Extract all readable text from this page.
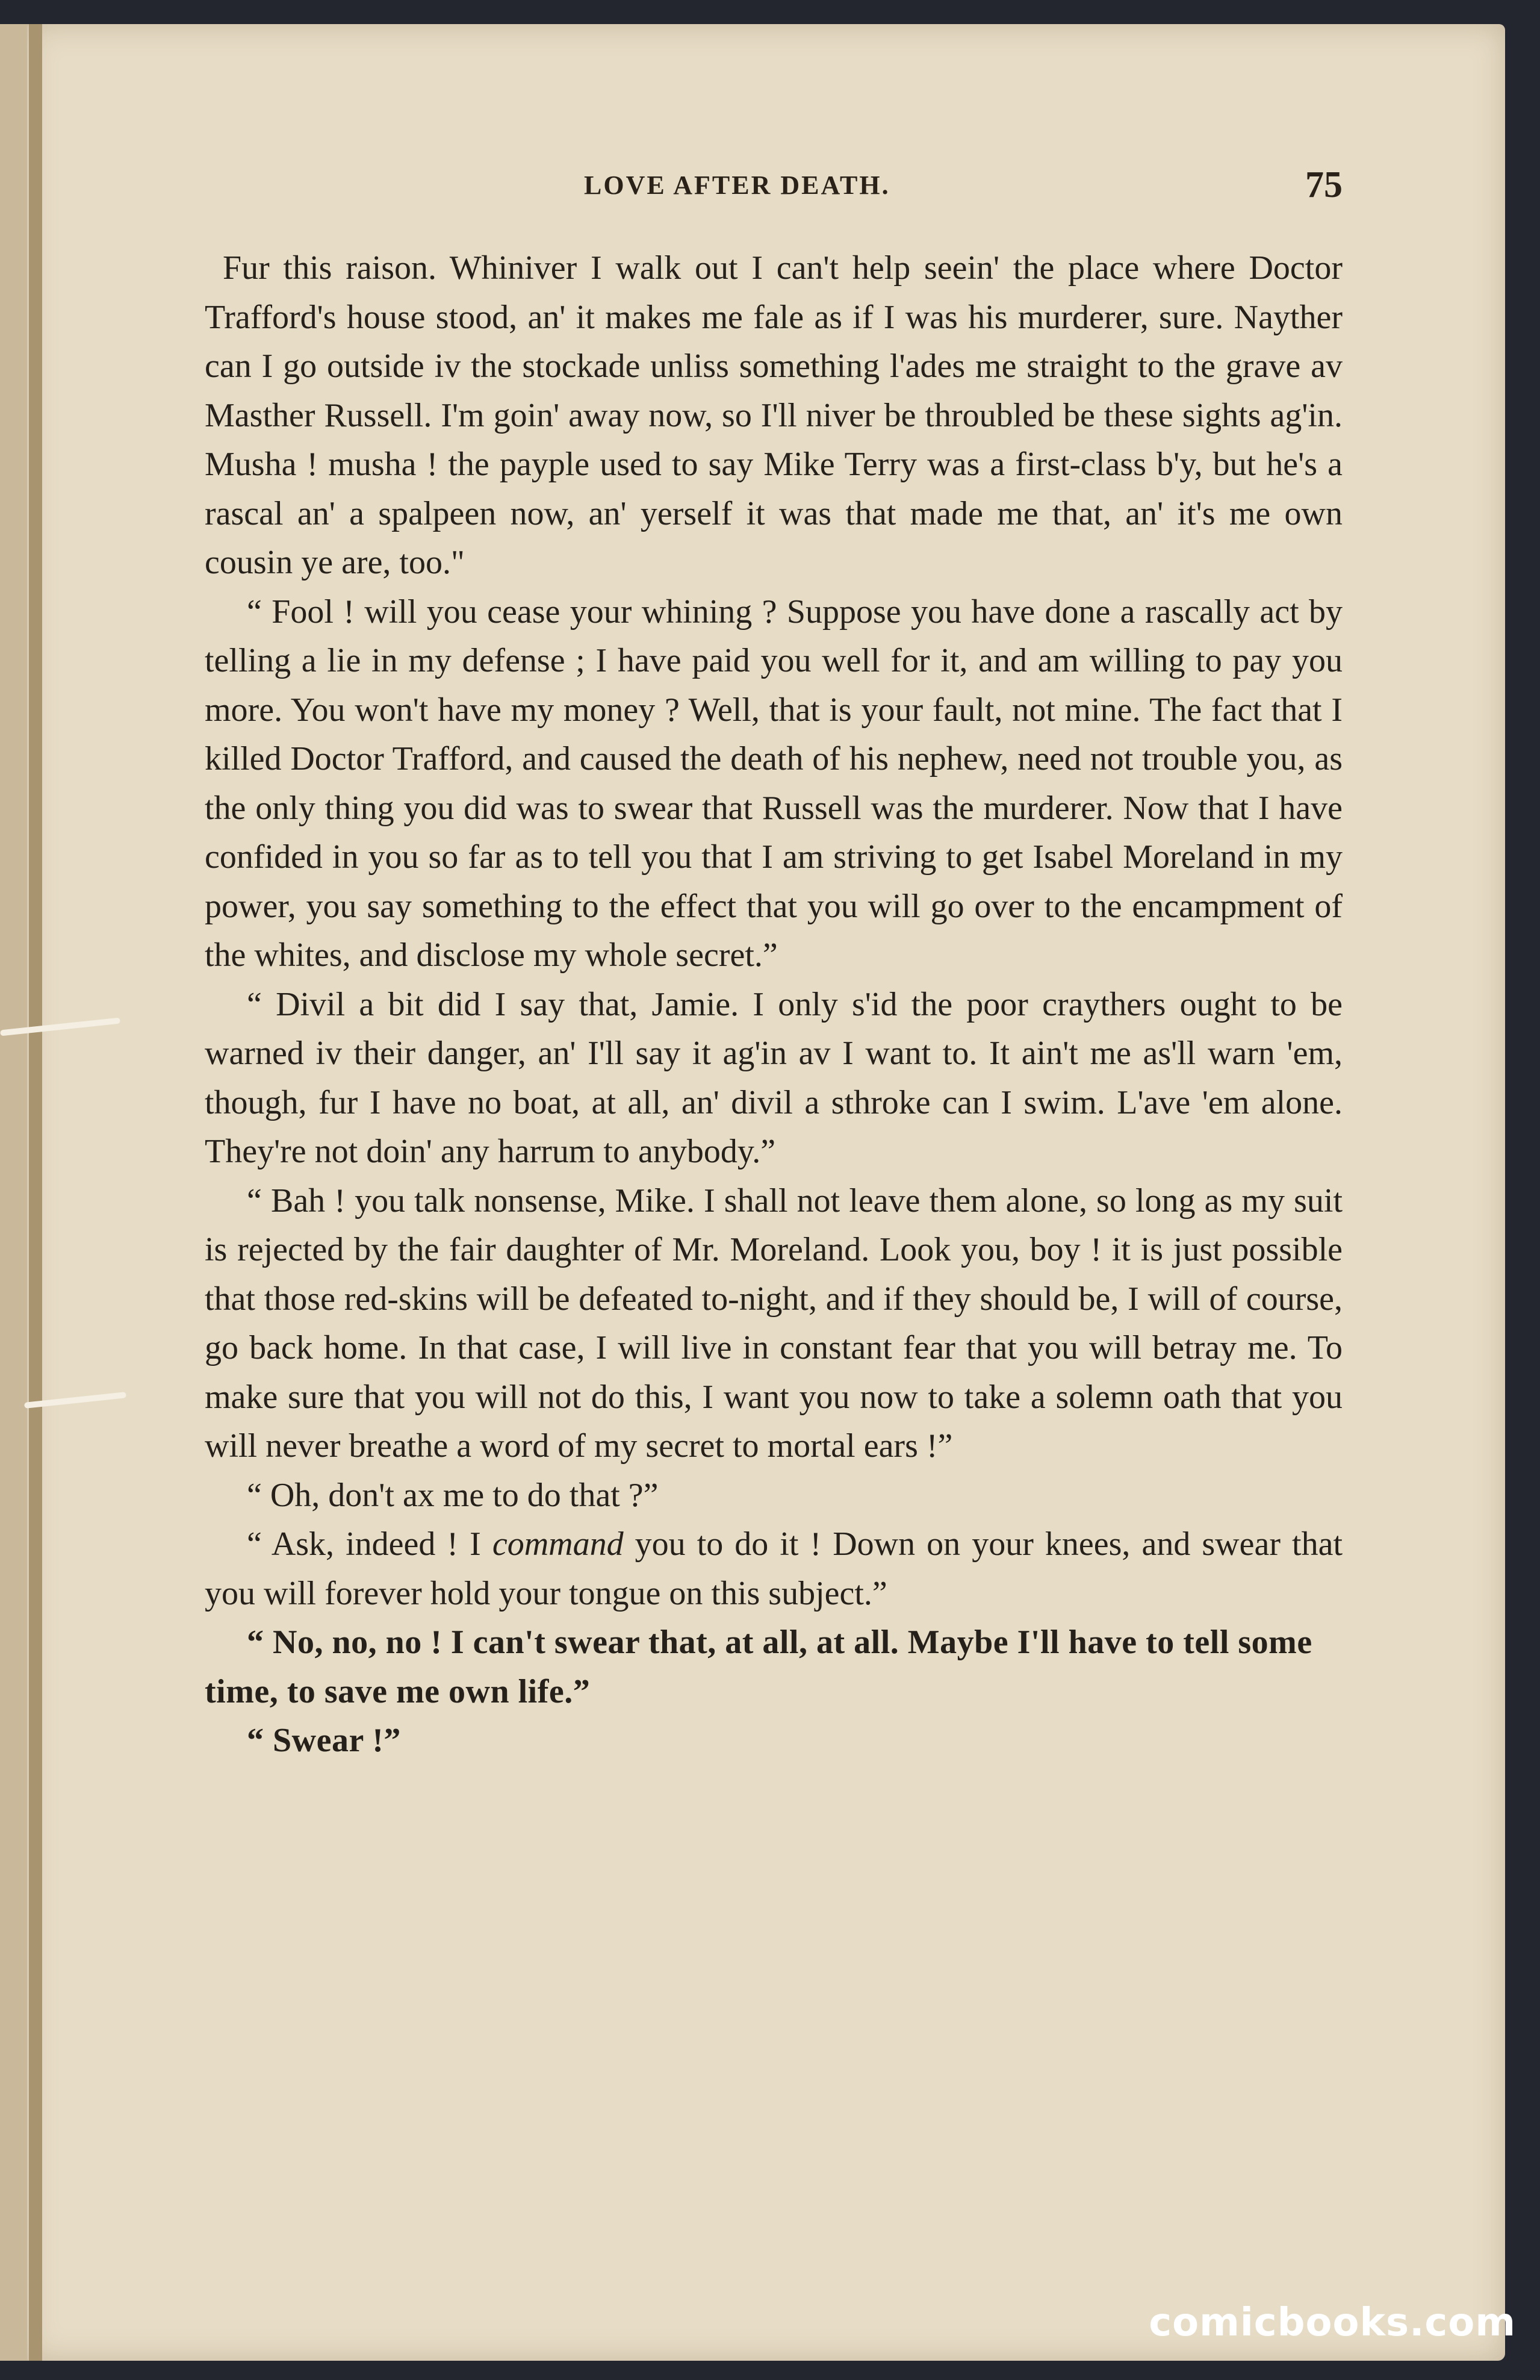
LOVE AFTER DEATH.	75

Fur this raison. Whiniver I walk out I can't help seein' the place where Doctor Trafford's house stood, an' it makes me fale as if I was his murderer, sure. Nayther can I go outside iv the stockade unliss something l'ades me straight to the grave av Masther Russell. I'm goin' away now, so I'll niver be throubled be these sights ag'in. Musha ! musha ! the payple used to say Mike Terry was a first-class b'y, but he's a rascal an' a spalpeen now, an' yerself it was that made me that, an' it's me own cousin ye are, too."

“ Fool ! will you cease your whining ? Suppose you have done a rascally act by telling a lie in my defense ; I have paid you well for it, and am willing to pay you more. You won't have my money ? Well, that is your fault, not mine. The fact that I killed Doctor Trafford, and caused the death of his nephew, need not trouble you, as the only thing you did was to swear that Russell was the murderer. Now that I have confided in you so far as to tell you that I am striving to get Isabel Moreland in my power, you say something to the effect that you will go over to the encampment of the whites, and disclose my whole secret.”

“ Divil a bit did I say that, Jamie. I only s'id the poor craythers ought to be warned iv their danger, an' I'll say it ag'in av I want to. It ain't me as'll warn 'em, though, fur I have no boat, at all, an' divil a sthroke can I swim. L'ave 'em alone. They're not doin' any harrum to anybody.”

“ Bah ! you talk nonsense, Mike. I shall not leave them alone, so long as my suit is rejected by the fair daughter of Mr. Moreland. Look you, boy ! it is just possible that those red-skins will be defeated to-night, and if they should be, I will of course, go back home. In that case, I will live in constant fear that you will betray me. To make sure that you will not do this, I want you now to take a solemn oath that you will never breathe a word of my secret to mortal ears !”

“ Oh, don't ax me to do that ?”

“ Ask, indeed ! I command you to do it ! Down on your knees, and swear that you will forever hold your tongue on this subject.”

“ No, no, no ! I can't swear that, at all, at all. Maybe I'll have to tell some time, to save me own life.”

“ Swear !”

comicbooks.com
